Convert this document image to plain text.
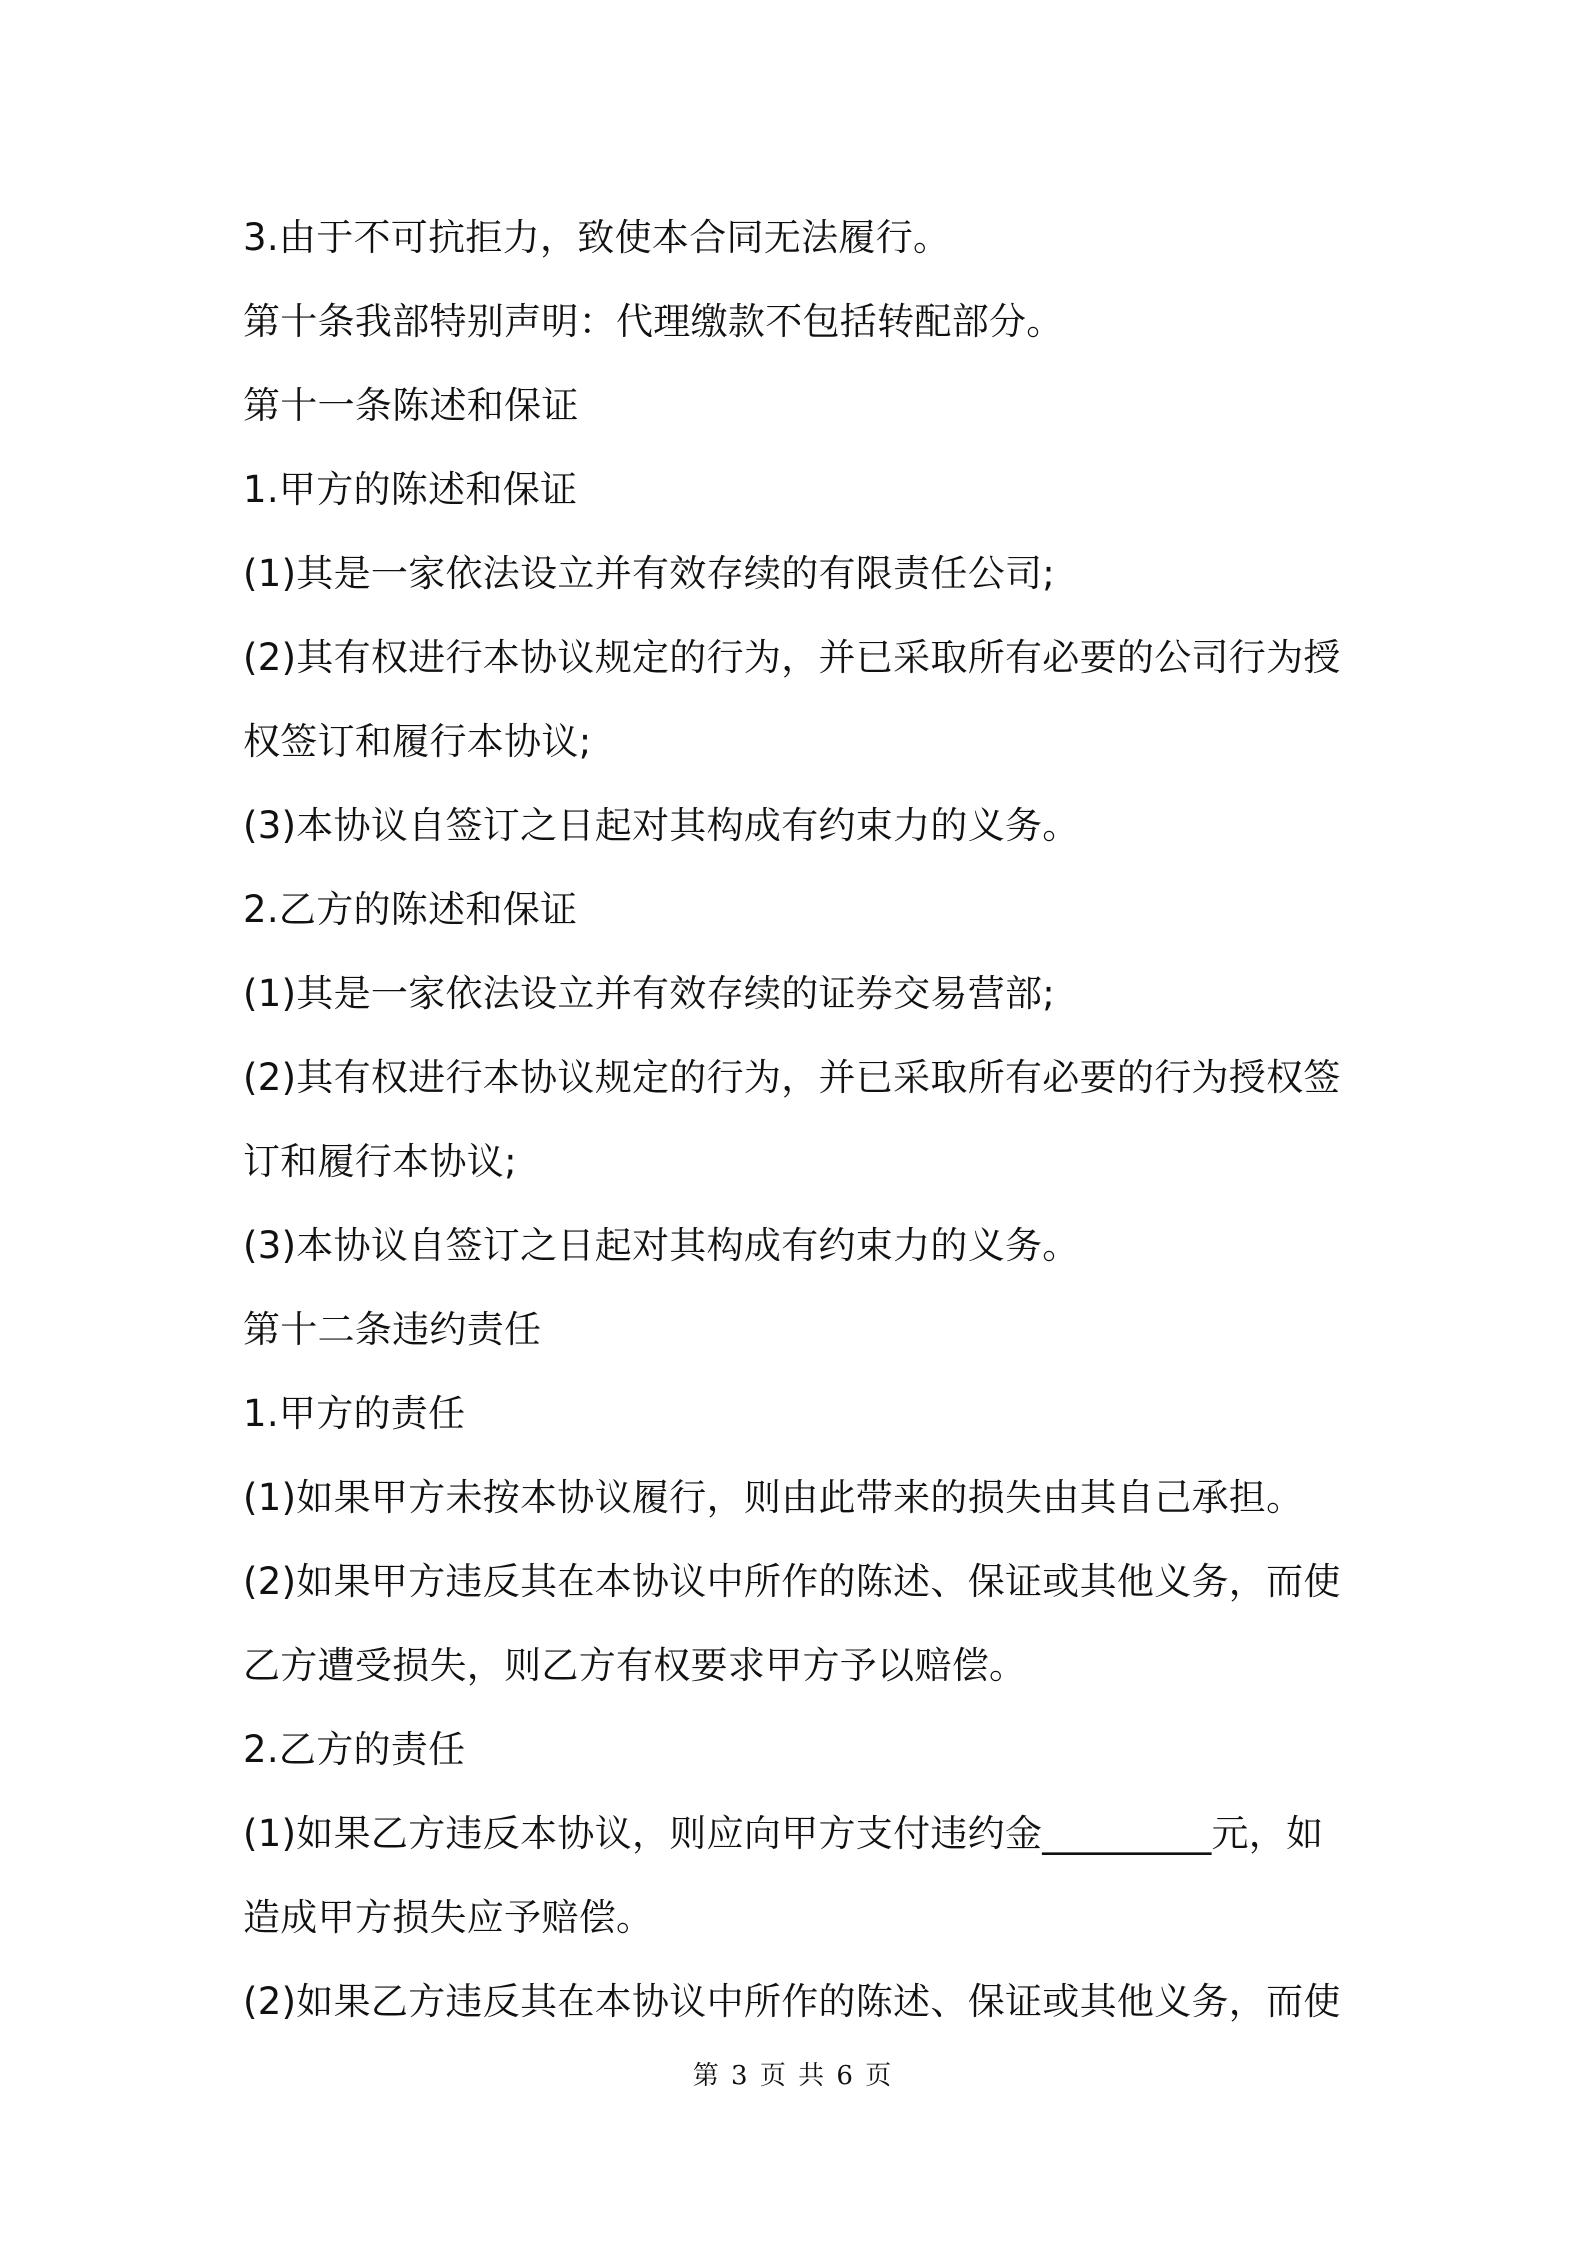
3.由于不可抗拒力，致使本合同无法履行。

第十条我部特别声明：代理缴款不包括转配部分。

第十一条陈述和保证

1.甲方的陈述和保证

(1)其是一家依法设立并有效存续的有限责任公司;

(2)其有权进行本协议规定的行为，并已采取所有必要的公司行为授

权签订和履行本协议;

(3)本协议自签订之日起对其构成有约束力的义务。

2.乙方的陈述和保证

(1)其是一家依法设立并有效存续的证券交易营部;

(2)其有权进行本协议规定的行为，并已采取所有必要的行为授权签

订和履行本协议;

(3)本协议自签订之日起对其构成有约束力的义务。

第十二条违约责任

1.甲方的责任

(1)如果甲方未按本协议履行，则由此带来的损失由其自己承担。

(2)如果甲方违反其在本协议中所作的陈述、保证或其他义务，而使

乙方遭受损失，则乙方有权要求甲方予以赔偿。

2.乙方的责任

(1)如果乙方违反本协议，则应向甲方支付违约金_________元，如

造成甲方损失应予赔偿。

(2)如果乙方违反其在本协议中所作的陈述、保证或其他义务，而使

第 3 页 共 6 页
